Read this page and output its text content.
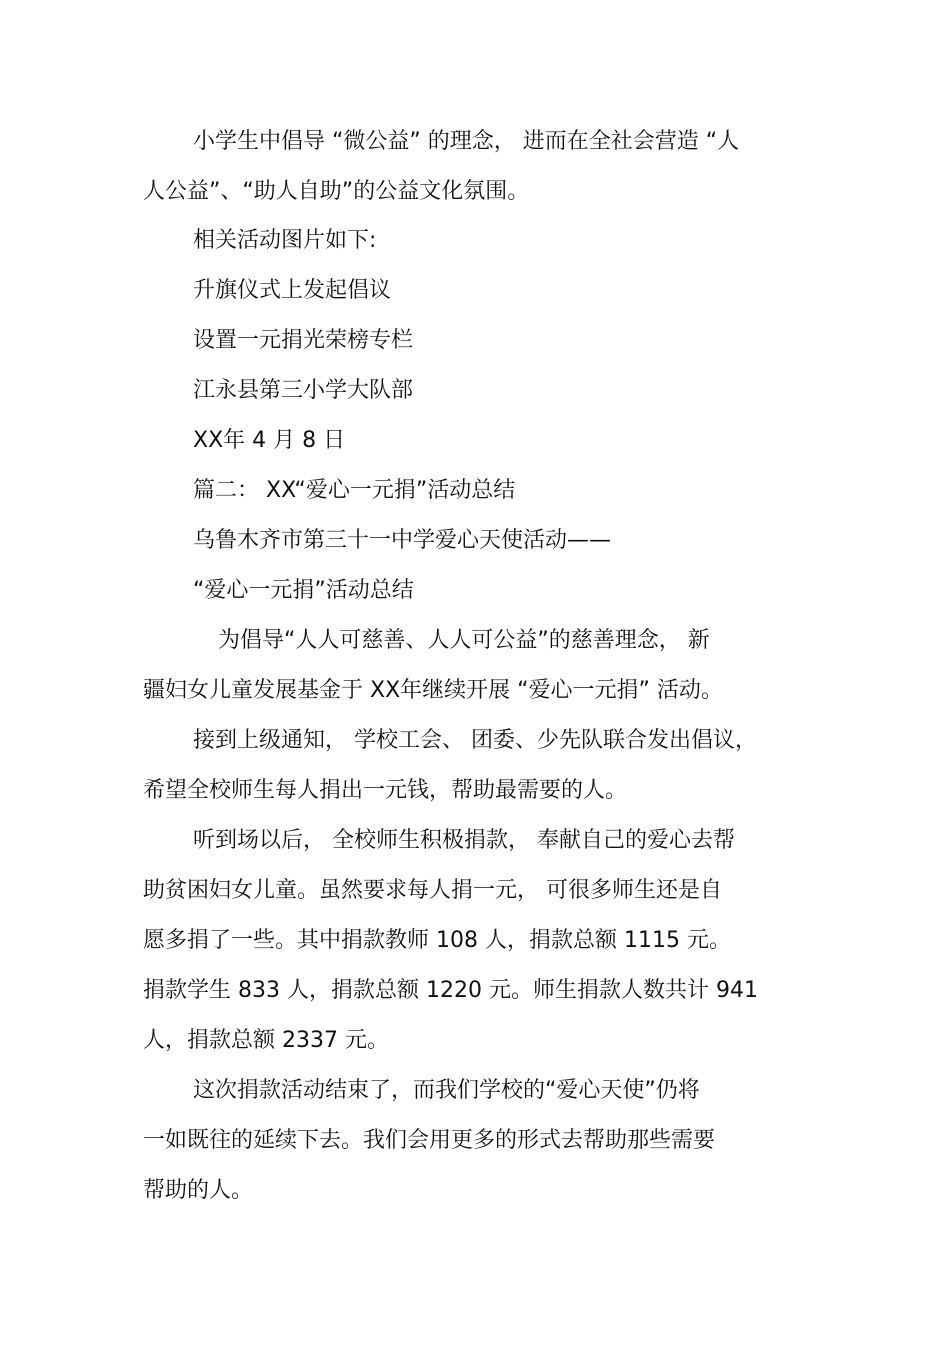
小学生中倡导 “微公益” 的理念， 进而在全社会营造 “人
人公益”、“助人自助”的公益文化氛围。
相关活动图片如下:
升旗仪式上发起倡议
设置一元捐光荣榜专栏
江永县第三小学大队部
XX年 4 月 8 日
篇二： XX“爱心一元捐”活动总结
乌鲁木齐市第三十一中学爱心天使活动——
“爱心一元捐”活动总结
为倡导“人人可慈善、人人可公益”的慈善理念， 新
疆妇女儿童发展基金于 XX年继续开展 “爱心一元捐” 活动。
接到上级通知， 学校工会、 团委、少先队联合发出倡议，
希望全校师生每人捐出一元钱，帮助最需要的人。
听到场以后， 全校师生积极捐款， 奉献自己的爱心去帮
助贫困妇女儿童。虽然要求每人捐一元， 可很多师生还是自
愿多捐了一些。其中捐款教师 108 人，捐款总额 1115 元。
捐款学生 833 人，捐款总额 1220 元。师生捐款人数共计 941
人，捐款总额 2337 元。
这次捐款活动结束了，而我们学校的“爱心天使”仍将
一如既往的延续下去。我们会用更多的形式去帮助那些需要
帮助的人。
